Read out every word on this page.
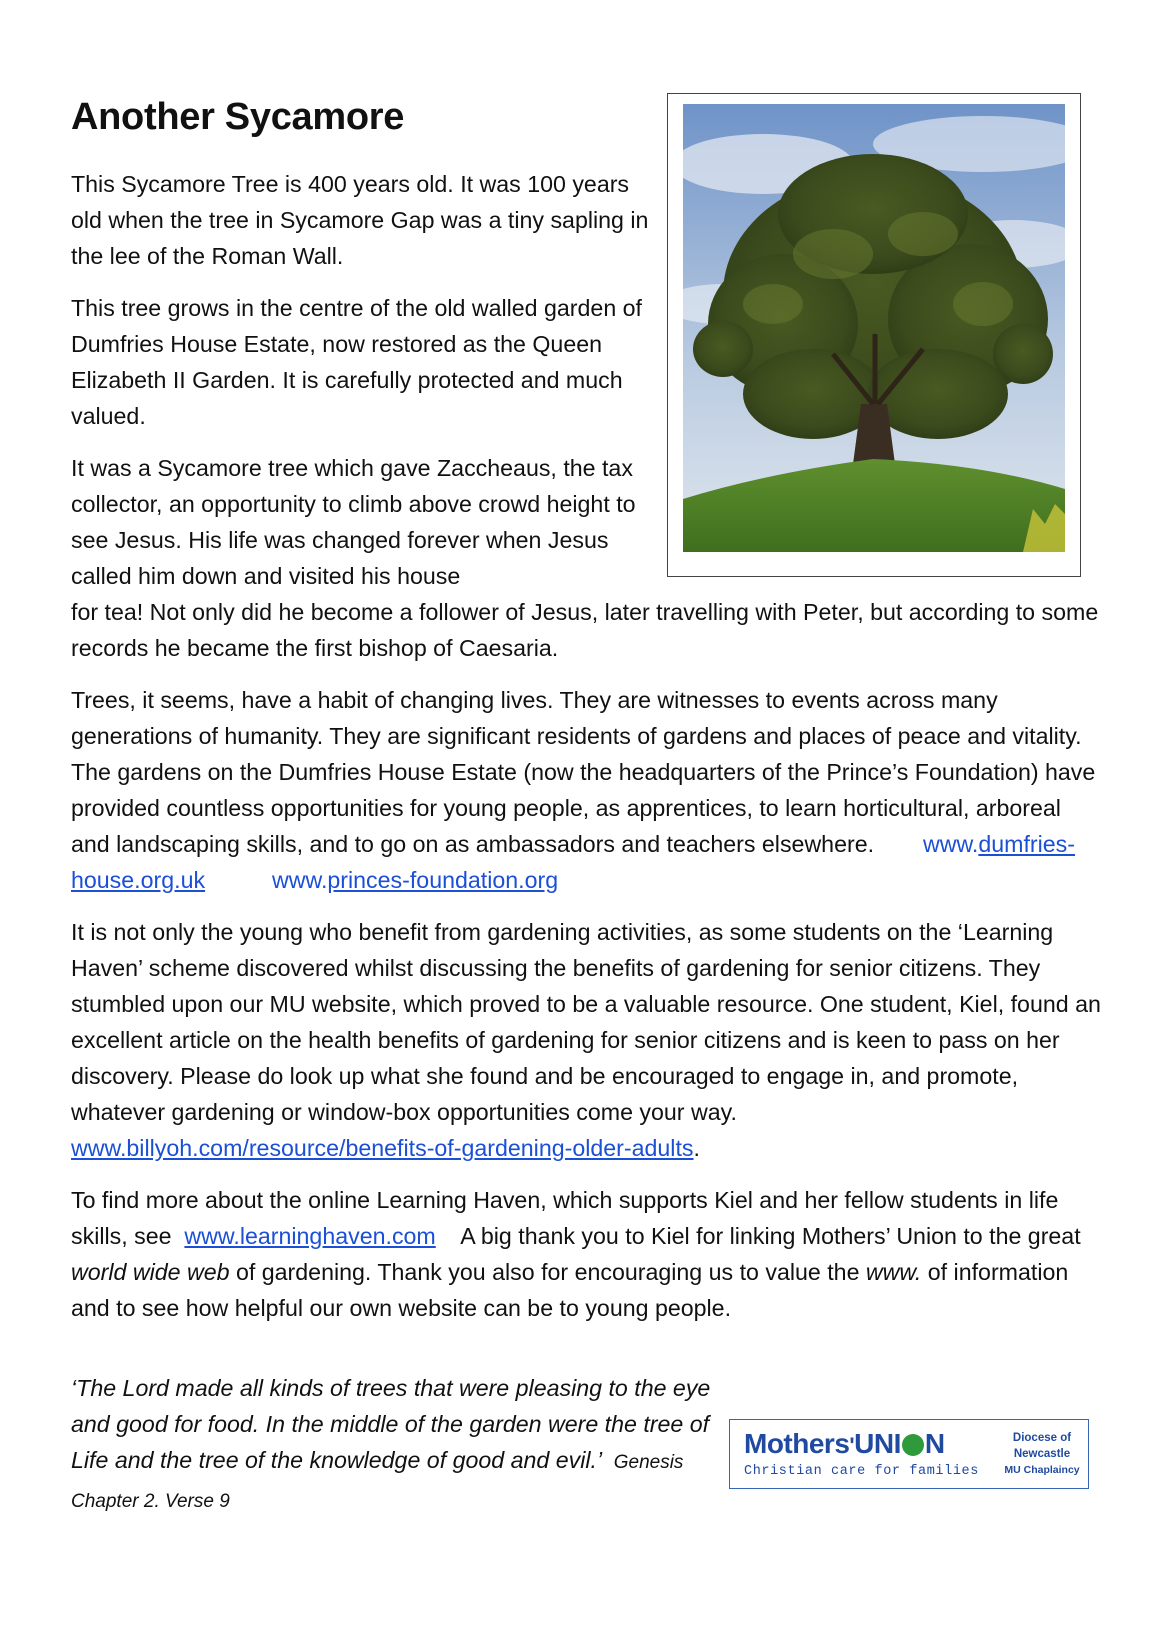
Another Sycamore

This Sycamore Tree is 400 years old. It was 100 years old when the tree in Sycamore Gap was a tiny sapling in the lee of the Roman Wall.

This tree grows in the centre of the old walled garden of Dumfries House Estate, now restored as the Queen Elizabeth II Garden. It is carefully protected and much valued.

It was a Sycamore tree which gave Zaccheaus, the tax collector, an opportunity to climb above crowd height to see Jesus. His life was changed forever when Jesus called him down and visited his house

for tea! Not only did he become a follower of Jesus, later travelling with Peter, but according to some records he became the first bishop of Caesaria.

Trees, it seems, have a habit of changing lives. They are witnesses to events across many generations of humanity. They are significant residents of gardens and places of peace and vitality. The gardens on the Dumfries House Estate (now the headquarters of the Prince’s Foundation) have provided countless opportunities for young people, as apprentices, to learn horticultural, arboreal and landscaping skills, and to go on as ambassadors and teachers elsewhere. www.dumfries-house.org.uk	www.princes-foundation.org

It is not only the young who benefit from gardening activities, as some students on the ‘Learning Haven’ scheme discovered whilst discussing the benefits of gardening for senior citizens. They stumbled upon our MU website, which proved to be a valuable resource. One student, Kiel, found an excellent article on the health benefits of gardening for senior citizens and is keen to pass on her discovery. Please do look up what she found and be encouraged to engage in, and promote, whatever gardening or window-box opportunities come your way.  www.billyoh.com/resource/benefits-of-gardening-older-adults.

To find more about the online Learning Haven, which supports Kiel and her fellow students in life skills, see www.learninghaven.com A big thank you to Kiel for linking Mothers’ Union to the great world wide web of gardening. Thank you also for encouraging us to value the www. of information and to see how helpful our own website can be to young people.

‘The Lord made all kinds of trees that were pleasing to the eye and good for food. In the middle of the garden were the tree of Life and the tree of the knowledge of good and evil.’ Genesis Chapter 2. Verse 9
Mothers'UNI N
Christian care for families
Diocese of
Newcastle
MU Chaplaincy
